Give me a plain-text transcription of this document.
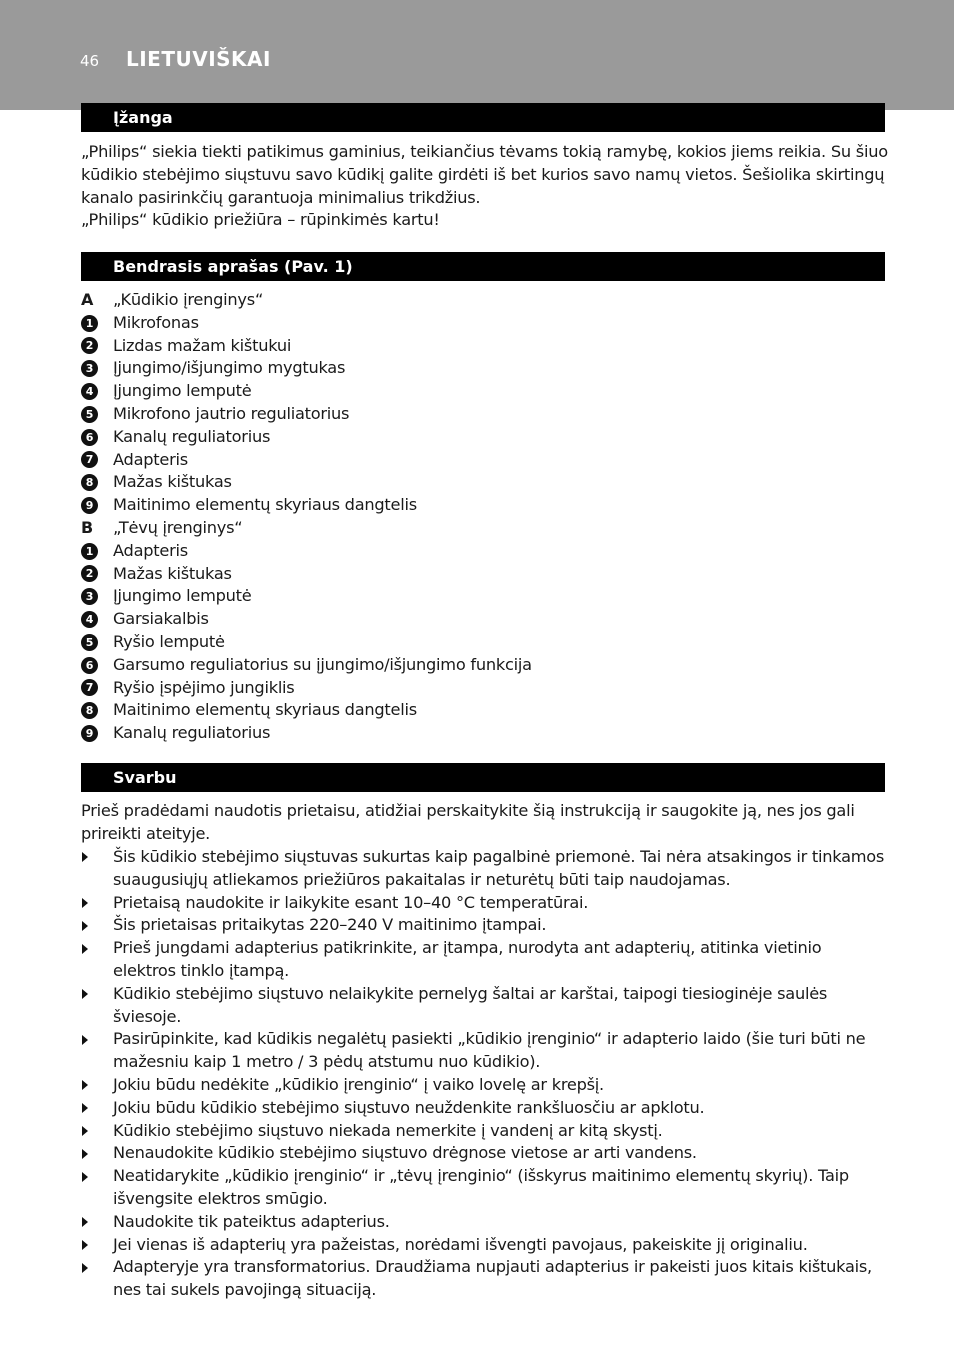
46 LIETUVIŠKAI
Įžanga

„Philips“ siekia tiekti patikimus gaminius, teikiančius tėvams tokią ramybę, kokios jiems reikia. Su šiuo kūdikio stebėjimo siųstuvu savo kūdikį galite girdėti iš bet kurios savo namų vietos. Šešiolika skirtingų kanalo pasirinkčių garantuoja minimalius trikdžius.

„Philips“ kūdikio priežiūra – rūpinkimės kartu!

Bendrasis aprašas (Pav. 1)
A „Kūdikio įrenginys“
1 Mikrofonas
2 Lizdas mažam kištukui
3 Įjungimo/išjungimo mygtukas
4 Įjungimo lemputė
5 Mikrofono jautrio reguliatorius
6 Kanalų reguliatorius
7 Adapteris
8 Mažas kištukas
9 Maitinimo elementų skyriaus dangtelis
B „Tėvų įrenginys“
1 Adapteris
2 Mažas kištukas
3 Įjungimo lemputė
4 Garsiakalbis
5 Ryšio lemputė
6 Garsumo reguliatorius su įjungimo/išjungimo funkcija
7 Ryšio įspėjimo jungiklis
8 Maitinimo elementų skyriaus dangtelis
9 Kanalų reguliatorius
Svarbu

Prieš pradėdami naudotis prietaisu, atidžiai perskaitykite šią instrukciją ir saugokite ją, nes jos gali prireikti ateityje.

Šis kūdikio stebėjimo siųstuvas sukurtas kaip pagalbinė priemonė. Tai nėra atsakingos ir tinkamos suaugusiųjų atliekamos priežiūros pakaitalas ir neturėtų būti taip naudojamas.
Prietaisą naudokite ir laikykite esant 10–40 °C temperatūrai.
Šis prietaisas pritaikytas 220–240 V maitinimo įtampai.
Prieš jungdami adapterius patikrinkite, ar įtampa, nurodyta ant adapterių, atitinka vietinio elektros tinklo įtampą.
Kūdikio stebėjimo siųstuvo nelaikykite pernelyg šaltai ar karštai, taipogi tiesioginėje saulės šviesoje.
Pasirūpinkite, kad kūdikis negalėtų pasiekti „kūdikio įrenginio“ ir adapterio laido (šie turi būti ne mažesniu kaip 1 metro / 3 pėdų atstumu nuo kūdikio).
Jokiu būdu nedėkite „kūdikio įrenginio“ į vaiko lovelę ar krepšį.
Jokiu būdu kūdikio stebėjimo siųstuvo neuždenkite rankšluosčiu ar apklotu.
Kūdikio stebėjimo siųstuvo niekada nemerkite į vandenį ar kitą skystį.
Nenaudokite kūdikio stebėjimo siųstuvo drėgnose vietose ar arti vandens.
Neatidarykite „kūdikio įrenginio“ ir „tėvų įrenginio“ (išskyrus maitinimo elementų skyrių). Taip išvengsite elektros smūgio.
Naudokite tik pateiktus adapterius.
Jei vienas iš adapterių yra pažeistas, norėdami išvengti pavojaus, pakeiskite jį originaliu.
Adapteryje yra transformatorius. Draudžiama nupjauti adapterius ir pakeisti juos kitais kištukais, nes tai sukels pavojingą situaciją.
